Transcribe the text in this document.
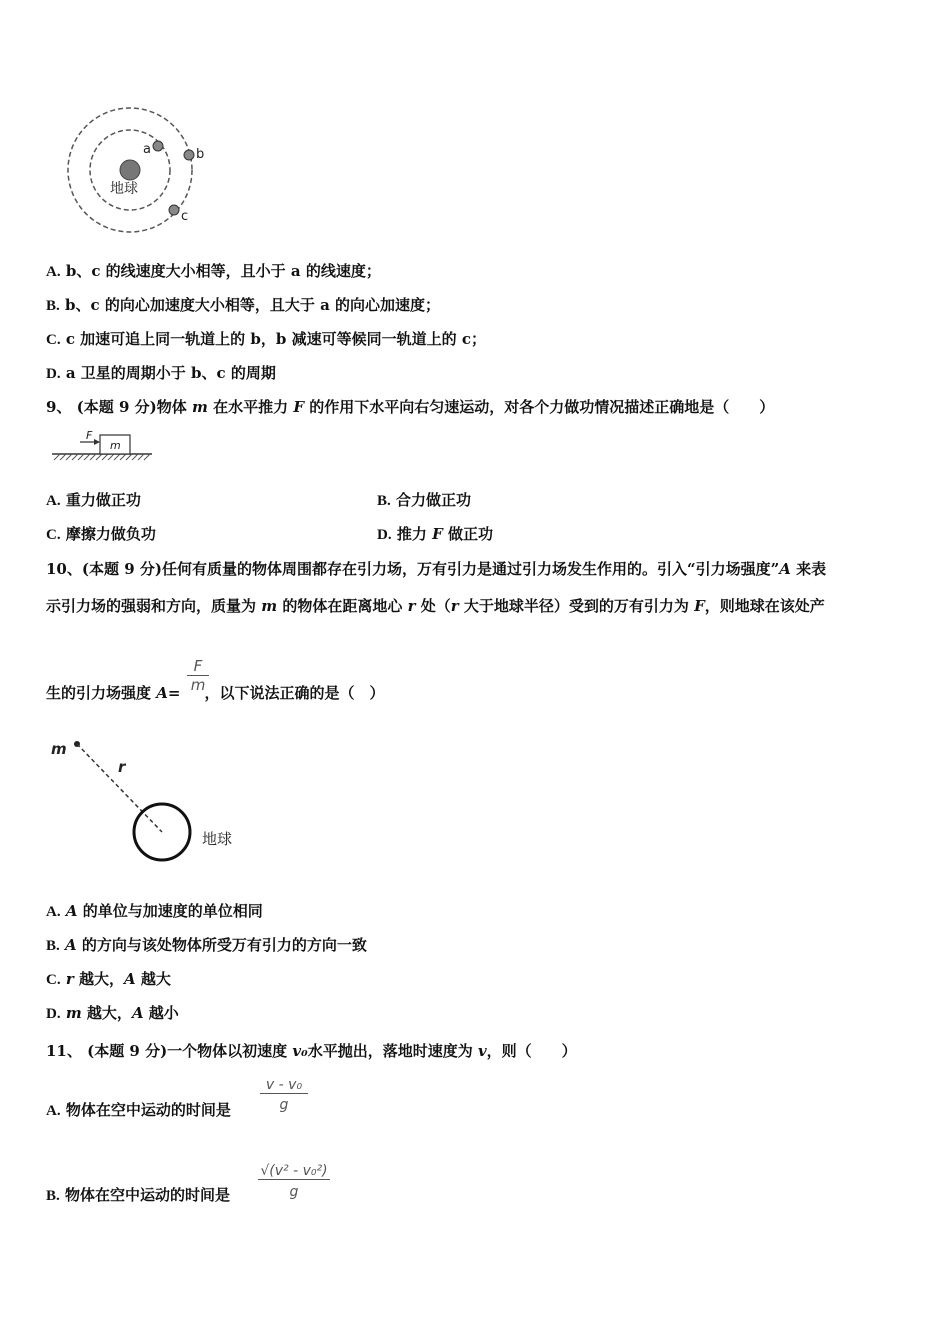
地球
a	b
c
A. b、c 的线速度大小相等，且小于 a 的线速度；
B. b、c 的向心加速度大小相等，且大于 a 的向心加速度；
C. c 加速可追上同一轨道上的 b，b 减速可等候同一轨道上的 c；
D. a 卫星的周期小于 b、c 的周期
9、 (本题 9 分)物体 m 在水平推力 F 的作用下水平向右匀速运动，对各个力做功情况描述正确地是（　　）
m
F
A. 重力做正功	B. 合力做正功
C. 摩擦力做负功	D. 推力 F 做正功
10、(本题 9 分)任何有质量的物体周围都存在引力场，万有引力是通过引力场发生作用的。引入“引力场强度”A 来表
示引力场的强弱和方向，质量为 m 的物体在距离地心 r 处（r 大于地球半径）受到的万有引力为 F，则地球在该处产
生的引力场强度 A= ，以下说法正确的是（　）
$\frac{F}{m}$
m
r
地球
A. A 的单位与加速度的单位相同
B. A 的方向与该处物体所受万有引力的方向一致
C. r 越大，A 越大
D. m 越大，A 越小
11、 (本题 9 分)一个物体以初速度 v₀水平抛出，落地时速度为 v，则（　　）
A. 物体在空中运动的时间是 $\frac{\text{v - v₀}}{g}$
B. 物体在空中运动的时间是 $\frac{\text{√(v² - v₀²)}}{g}$
